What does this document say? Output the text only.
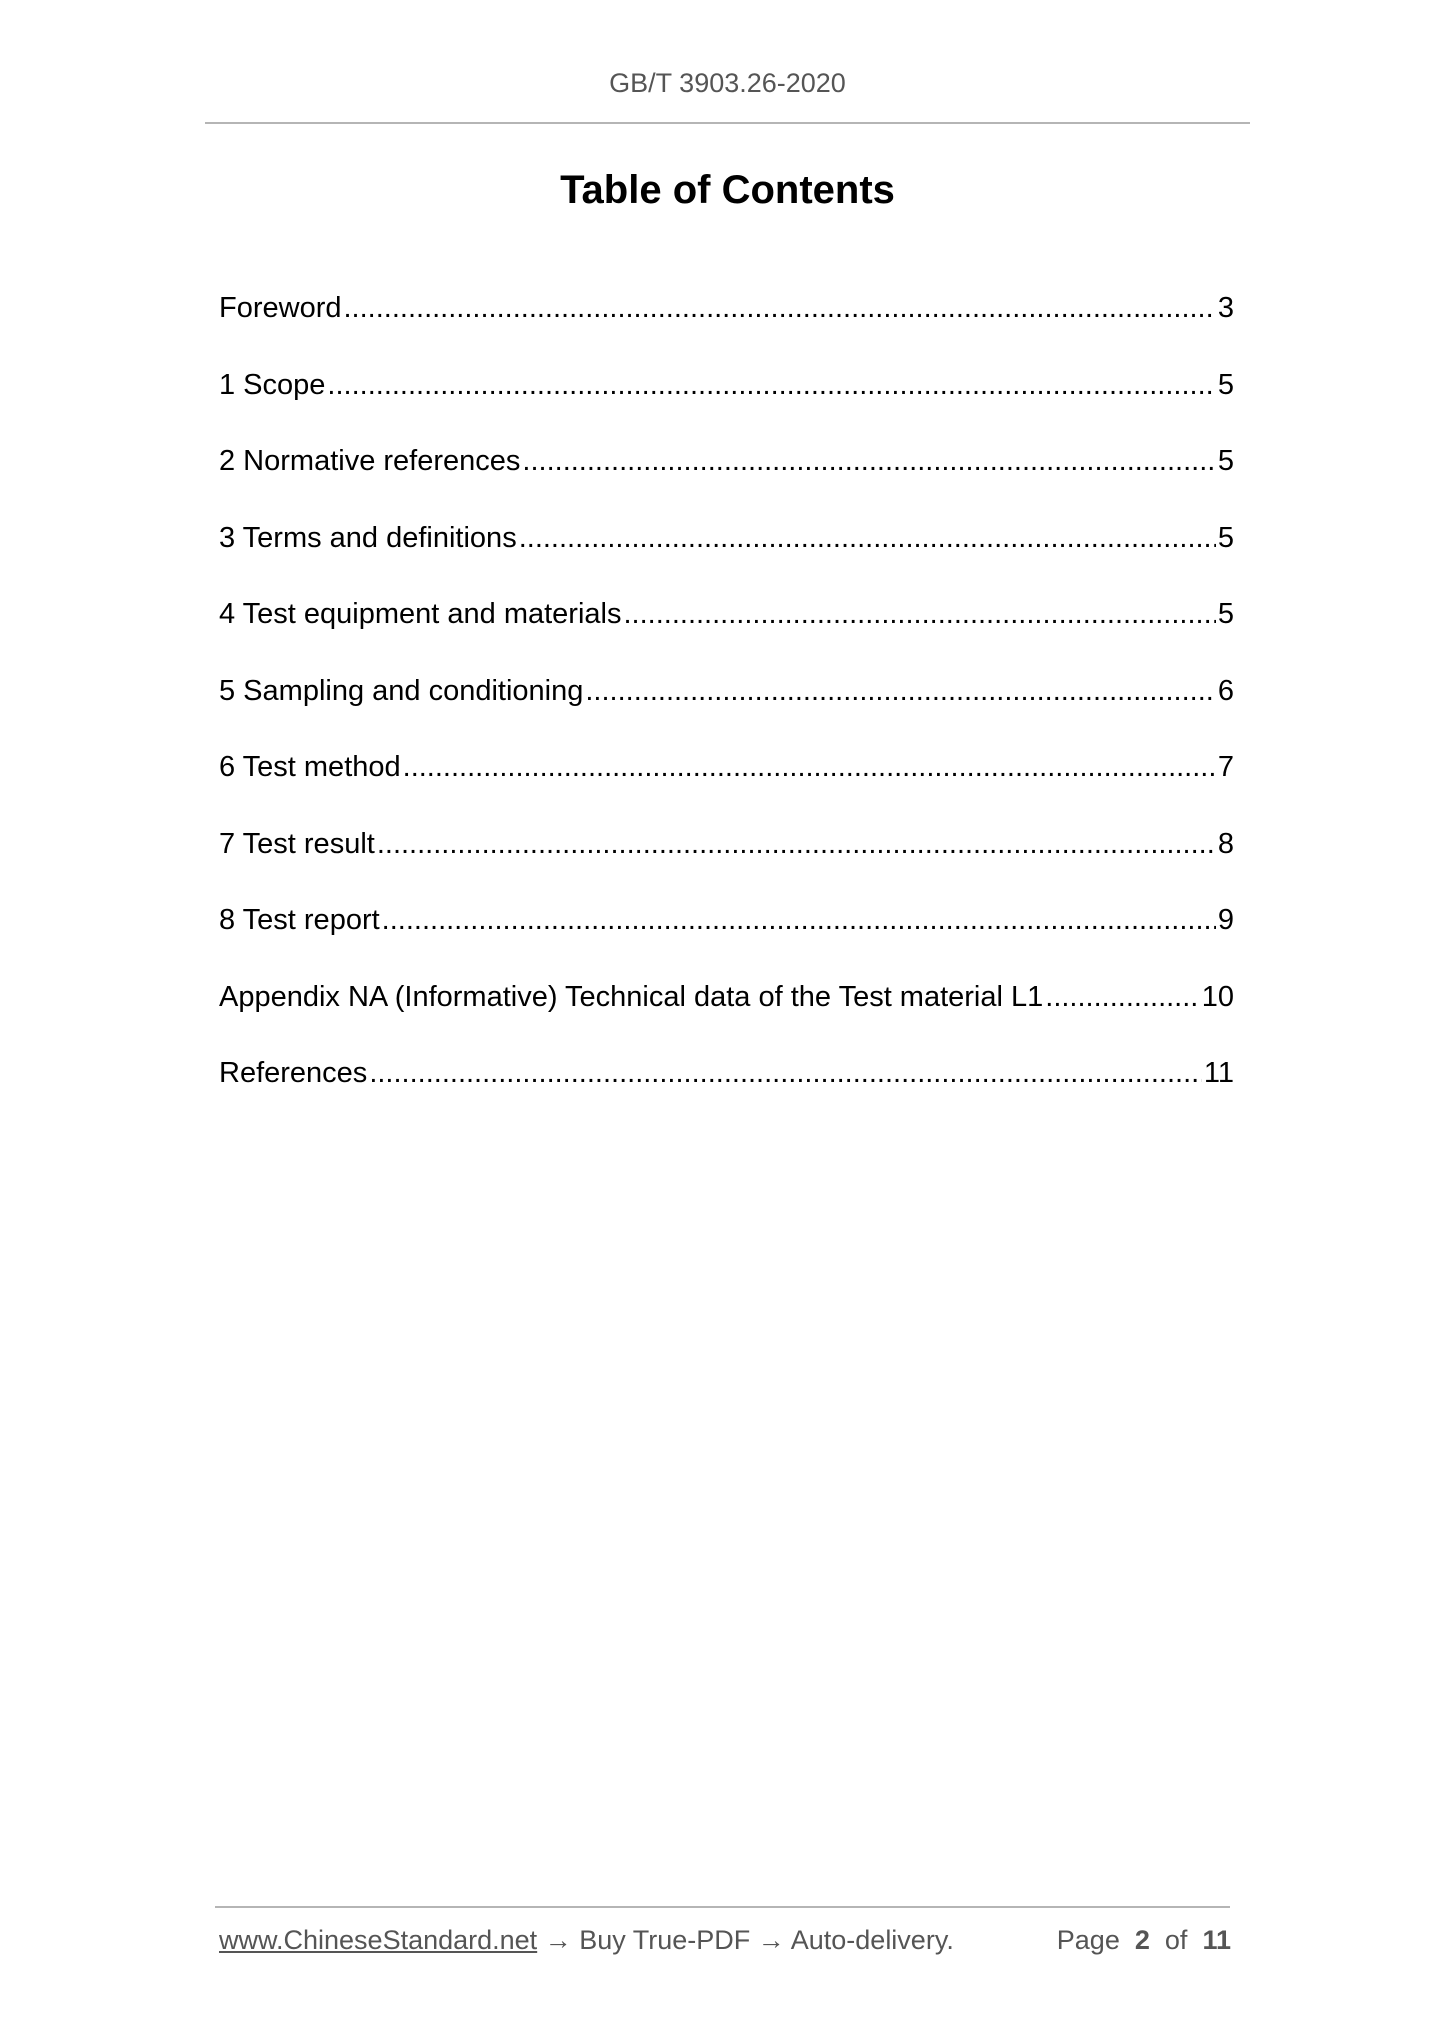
GB/T 3903.26-2020
Table of Contents
Foreword .....	3
1 Scope .....	5
2 Normative references .....	5
3 Terms and definitions .....	5
4 Test equipment and materials .....	5
5 Sampling and conditioning .....	6
6 Test method .....	7
7 Test result .....	8
8 Test report .....	9
Appendix NA (Informative) Technical data of the Test material L1 .....	10
References .....	11
www.ChineseStandard.net → Buy True-PDF → Auto-delivery.	Page 2 of 11
